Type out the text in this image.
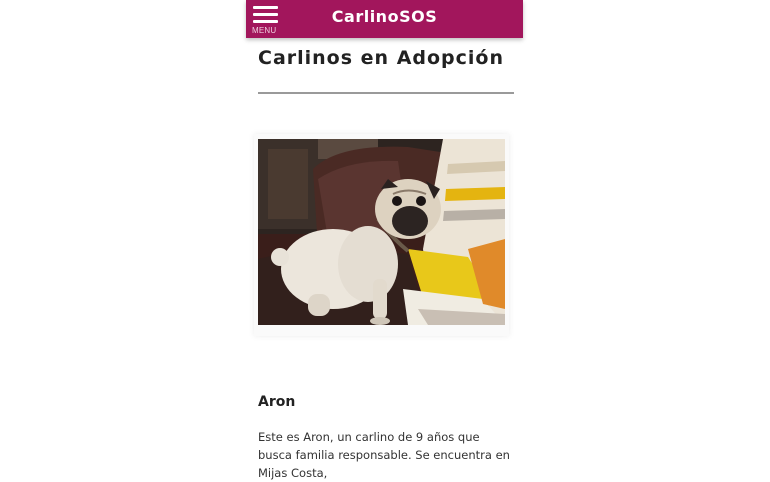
MENU
CarlinoSOS
Carlinos en Adopción
Aron

Este es Aron, un carlino de 9 años que busca familia responsable. Se encuentra en Mijas Costa,
